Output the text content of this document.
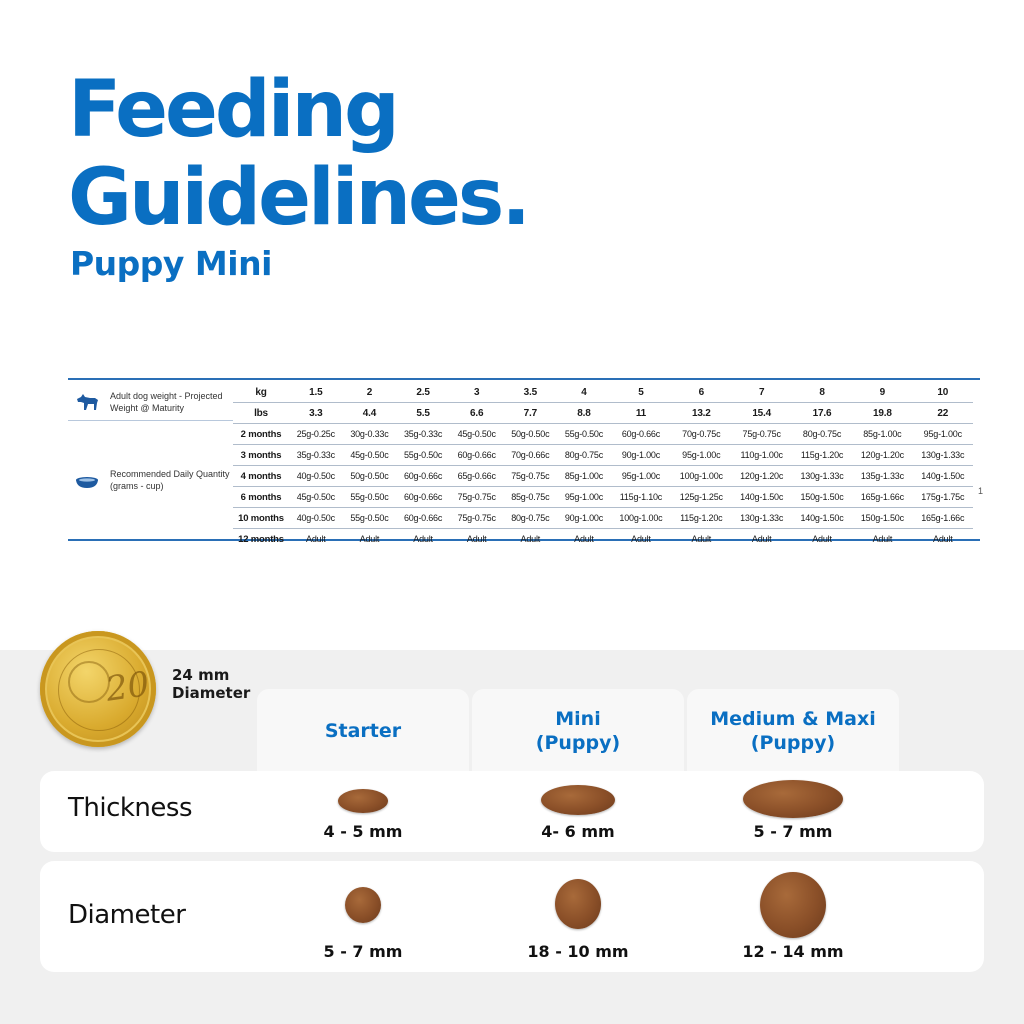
Feeding
Guidelines.
Puppy Mini
Adult dog weight - Projected Weight @ Maturity
Recommended Daily Quantity (grams - cup)
kg	1.5	2	2.5	3	3.5	4	5	6	7	8	9	10
lbs	3.3	4.4	5.5	6.6	7.7	8.8	11	13.2	15.4	17.6	19.8	22
2 months	25g-0.25c	30g-0.33c	35g-0.33c	45g-0.50c	50g-0.50c	55g-0.50c	60g-0.66c	70g-0.75c	75g-0.75c	80g-0.75c	85g-1.00c	95g-1.00c
3 months	35g-0.33c	45g-0.50c	55g-0.50c	60g-0.66c	70g-0.66c	80g-0.75c	90g-1.00c	95g-1.00c	110g-1.00c	115g-1.20c	120g-1.20c	130g-1.33c
4 months	40g-0.50c	50g-0.50c	60g-0.66c	65g-0.66c	75g-0.75c	85g-1.00c	95g-1.00c	100g-1.00c	120g-1.20c	130g-1.33c	135g-1.33c	140g-1.50c
6 months	45g-0.50c	55g-0.50c	60g-0.66c	75g-0.75c	85g-0.75c	95g-1.00c	115g-1.10c	125g-1.25c	140g-1.50c	150g-1.50c	165g-1.66c	175g-1.75c
10 months	40g-0.50c	55g-0.50c	60g-0.66c	75g-0.75c	80g-0.75c	90g-1.00c	100g-1.00c	115g-1.20c	130g-1.33c	140g-1.50c	150g-1.50c	165g-1.66c
12 months	Adult	Adult	Adult	Adult	Adult	Adult	Adult	Adult	Adult	Adult	Adult	Adult
1
20 24 mm
Diameter
Starter
Mini
(Puppy)
Medium & Maxi
(Puppy)
Thickness
4 - 5 mm	4- 6 mm	5 - 7 mm
Diameter
5 - 7 mm	18 - 10 mm	12 - 14 mm
